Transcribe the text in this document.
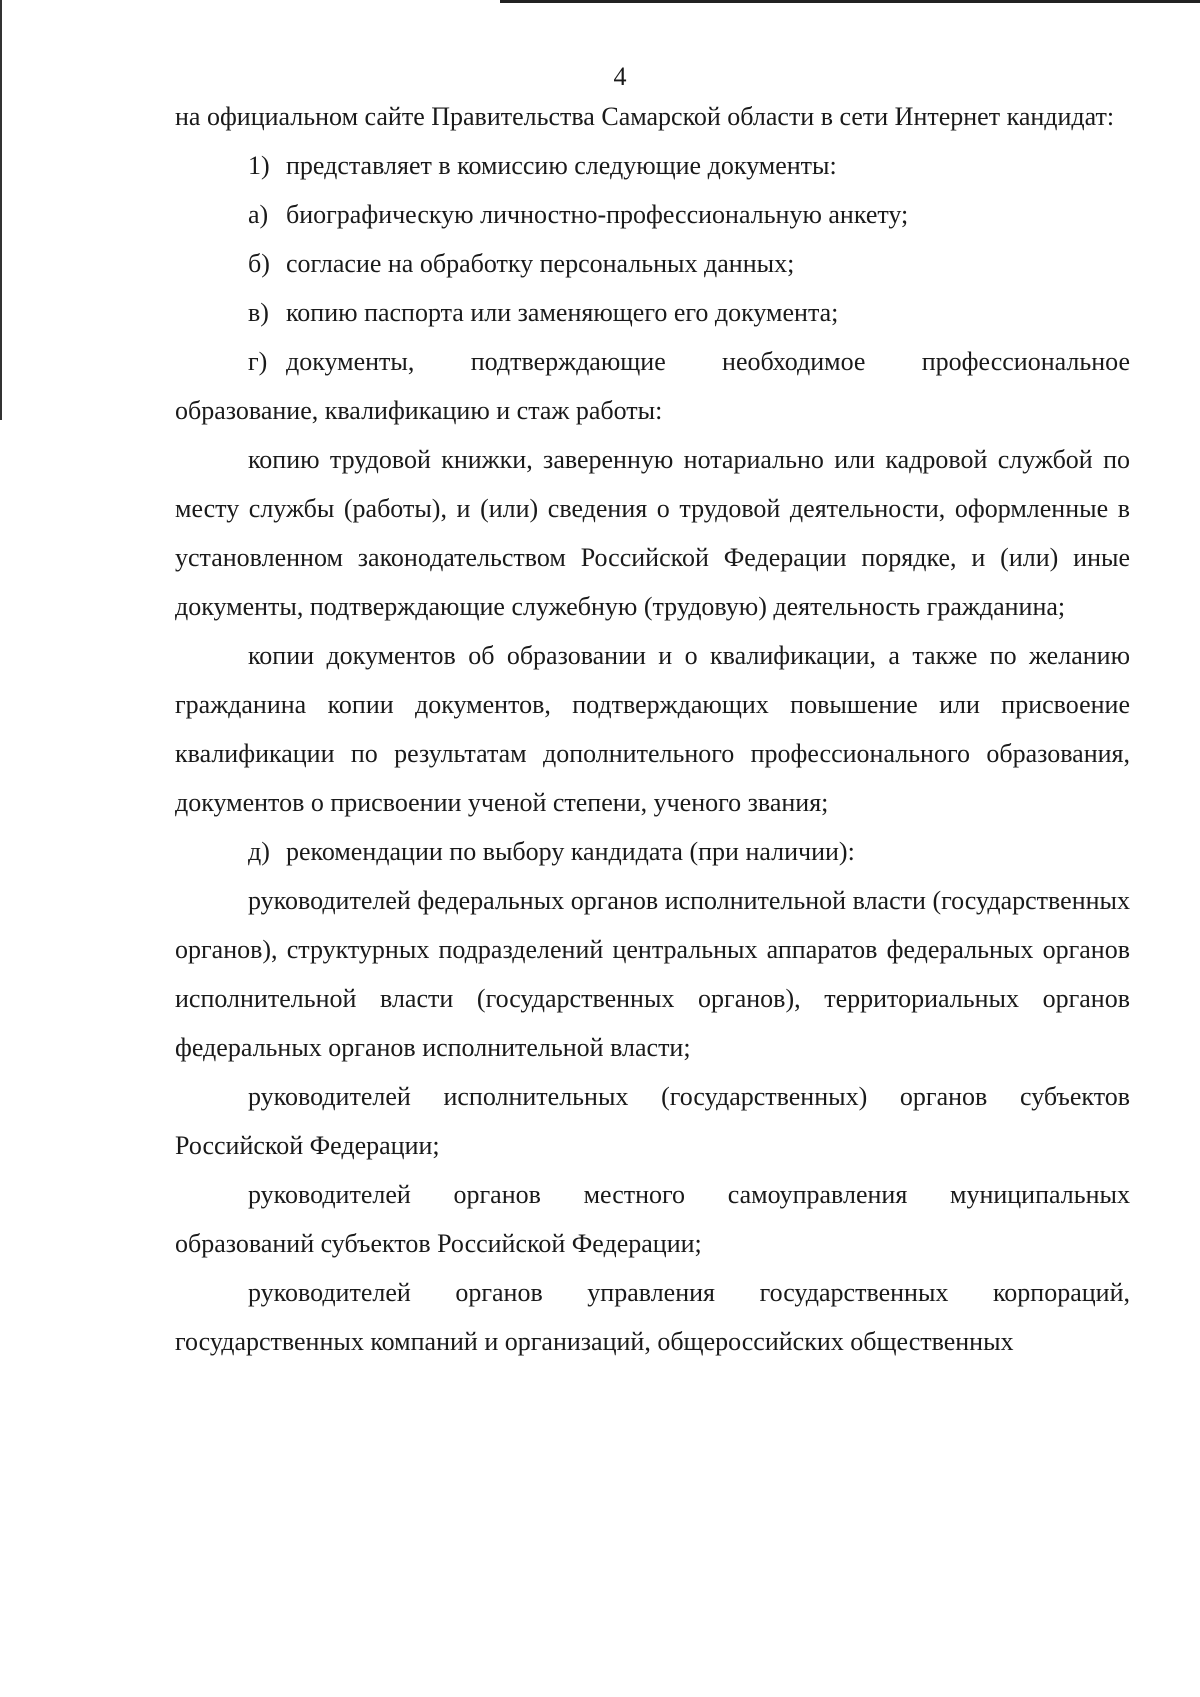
4

на официальном сайте Правительства Самарской области в сети Интернет кандидат:

1) представляет в комиссию следующие документы:

а) биографическую личностно-профессиональную анкету;

б) согласие на обработку персональных данных;

в) копию паспорта или заменяющего его документа;

г) документы, подтверждающие необходимое профессиональное образование, квалификацию и стаж работы:

копию трудовой книжки, заверенную нотариально или кадровой службой по месту службы (работы), и (или) сведения о трудовой деятельности, оформленные в установленном законодательством Российской Федерации порядке, и (или) иные документы, подтверждающие служебную (трудовую) деятельность гражданина;

копии документов об образовании и о квалификации, а также по желанию гражданина копии документов, подтверждающих повышение или присвоение квалификации по результатам дополнительного профессионального образования, документов о присвоении ученой степени, ученого звания;

д) рекомендации по выбору кандидата (при наличии):

руководителей федеральных органов исполнительной власти (государственных органов), структурных подразделений центральных аппаратов федеральных органов исполнительной власти (государственных органов), территориальных органов федеральных органов исполнительной власти;

руководителей исполнительных (государственных) органов субъектов Российской Федерации;

руководителей органов местного самоуправления муниципальных образований субъектов Российской Федерации;

руководителей органов управления государственных корпораций, государственных компаний и организаций, общероссийских общественных
